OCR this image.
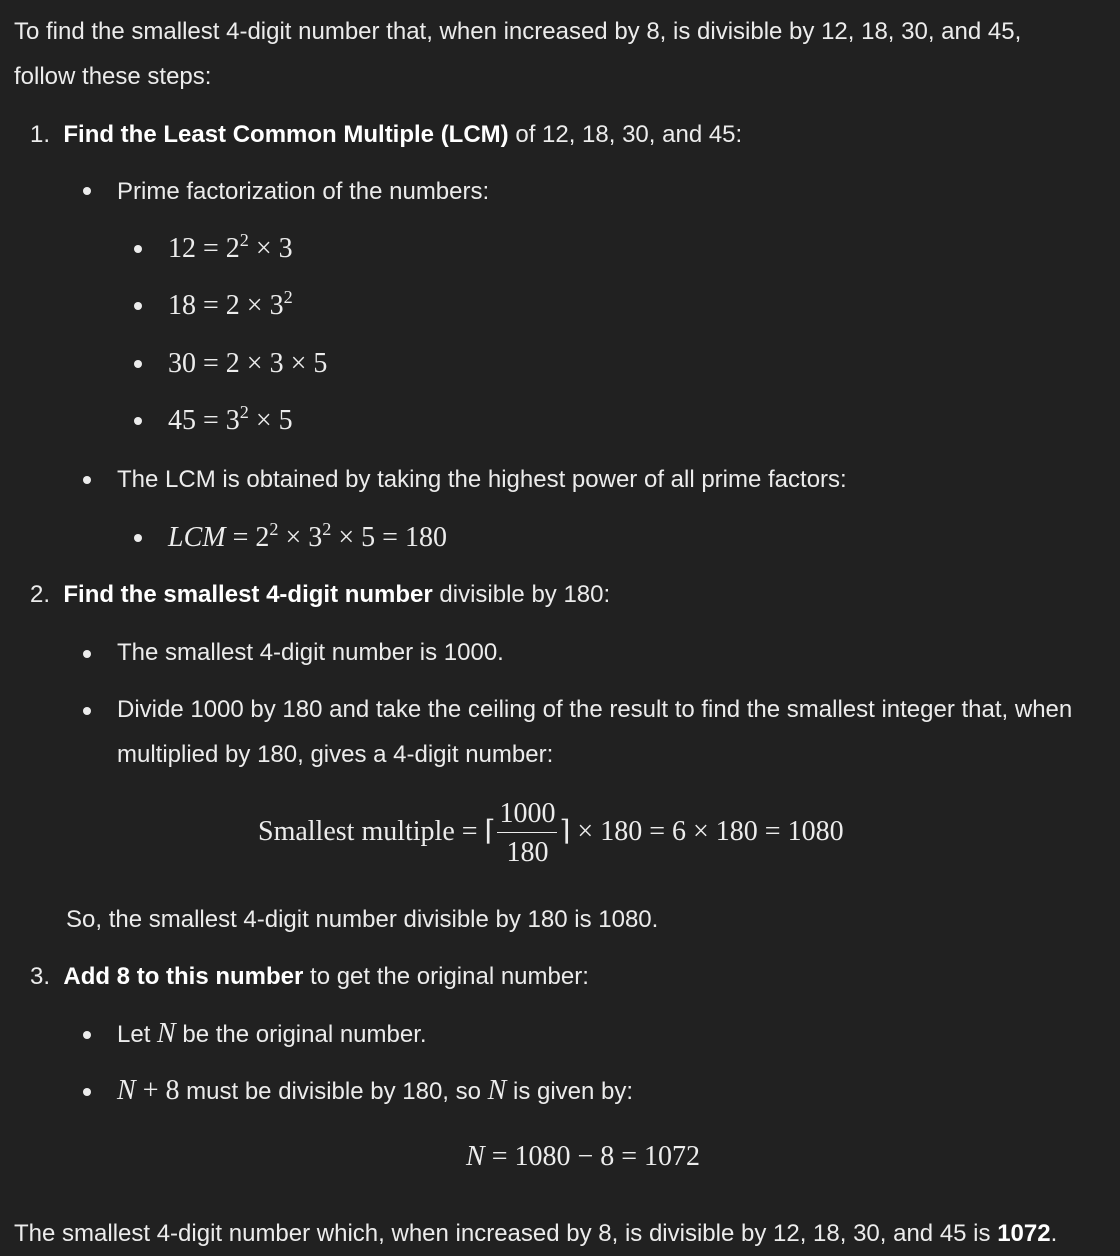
To find the smallest 4-digit number that, when increased by 8, is divisible by 12, 18, 30, and 45,
follow these steps:
1. Find the Least Common Multiple (LCM) of 12, 18, 30, and 45:
Prime factorization of the numbers:
$12 = 2^2 \times 3$
$18 = 2 \times 3^2$
30 = 2 × 3 × 5
$45 = 3^2 \times 5$
The LCM is obtained by taking the highest power of all prime factors:
LCM = $2^2 \times 3^2 \times 5 = 180$
2. Find the smallest 4-digit number divisible by 180:
The smallest 4-digit number is 1000.
Divide 1000 by 180 and take the ceiling of the result to find the smallest integer that, when
multiplied by 180, gives a 4-digit number:
Smallest multiple = ⌈ $\frac{1000}{180}$ ⌉ × 180 = 6 × 180 = 1080
So, the smallest 4-digit number divisible by 180 is 1080.
3. Add 8 to this number to get the original number:
Let N be the original number.
N + 8 must be divisible by 180, so N is given by:
N = 1080 − 8 = 1072
The smallest 4-digit number which, when increased by 8, is divisible by 12, 18, 30, and 45 is 1072.
